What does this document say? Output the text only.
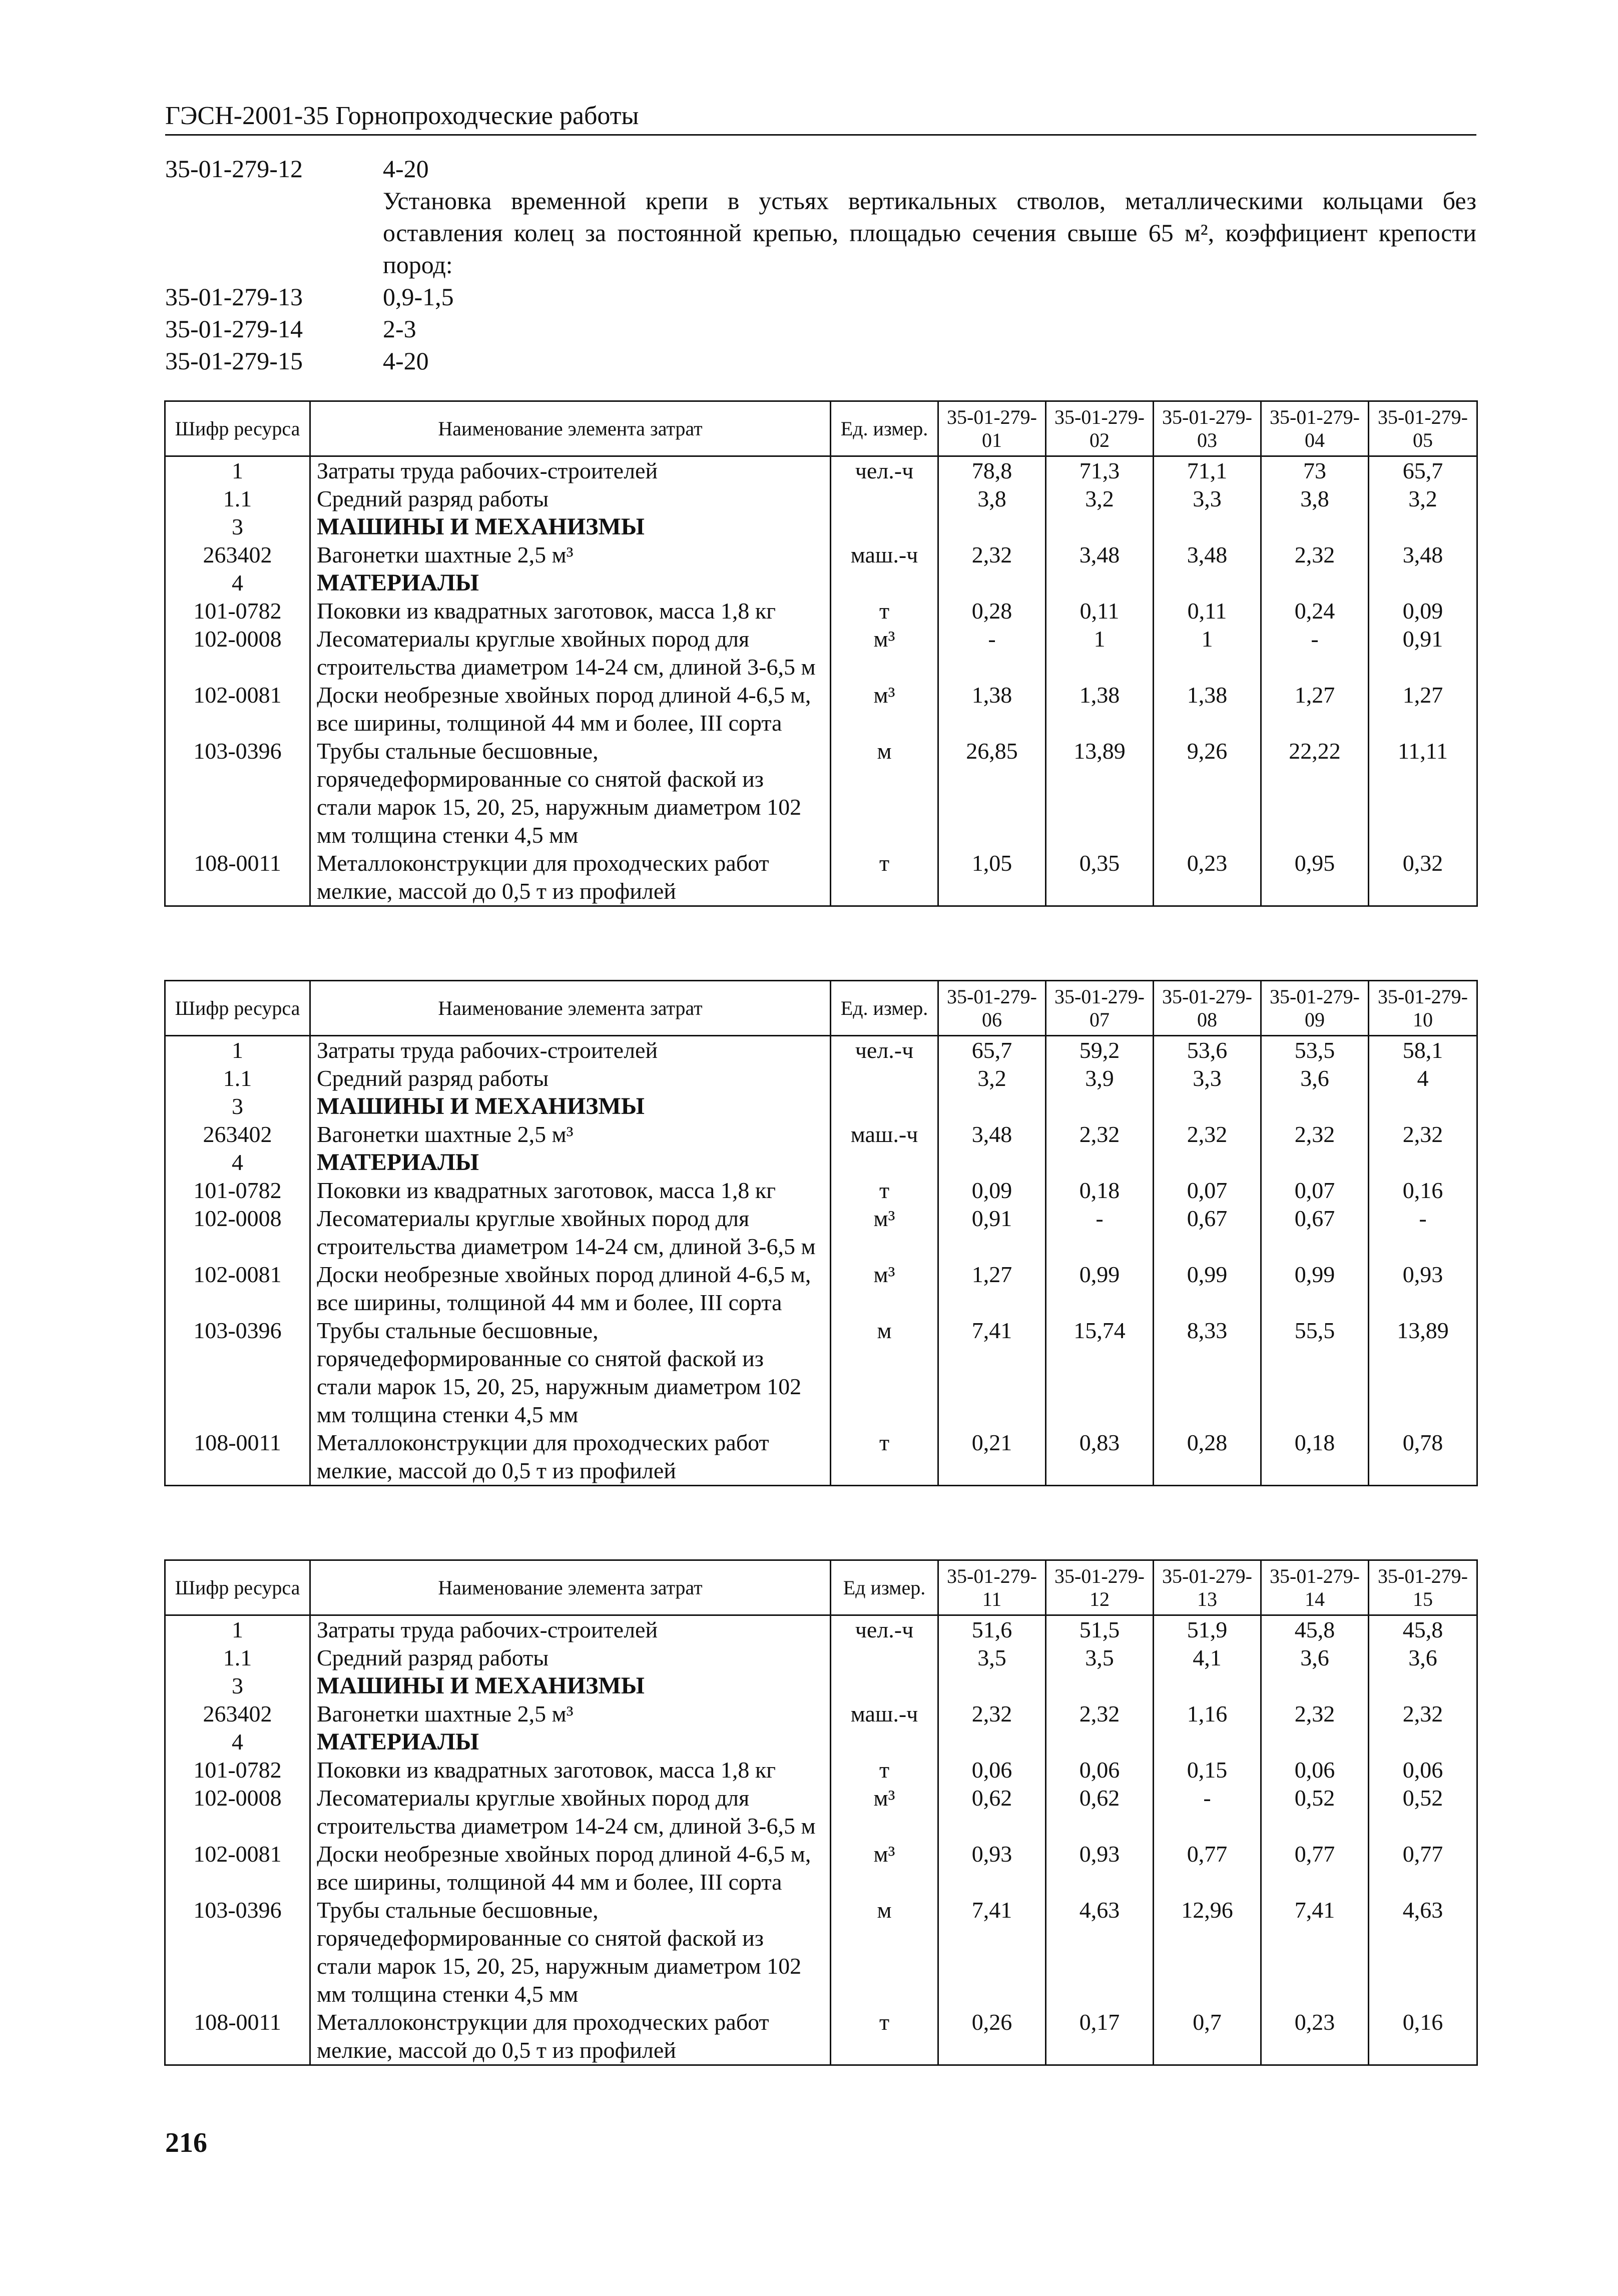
ГЭСН-2001-35 Горнопроходческие работы
35-01-279-12	4-20
Установка временной крепи в устьях вертикальных стволов, металлическими кольцами без оставления колец за постоянной крепью, площадью сечения свыше 65 м², коэффициент крепости пород:
35-01-279-13	0,9-1,5
35-01-279-14	2-3
35-01-279-15	4-20
Шифр ресурса	Наименование элемента затрат	Ед. измер.	35-01-279-01	35-01-279-02	35-01-279-03	35-01-279-04	35-01-279-05
1	Затраты труда рабочих-строителей	чел.-ч	78,8	71,3	71,1	73	65,7
1.1	Средний разряд работы		3,8	3,2	3,3	3,8	3,2
3	МАШИНЫ И МЕХАНИЗМЫ						
263402	Вагонетки шахтные 2,5 м³	маш.-ч	2,32	3,48	3,48	2,32	3,48
4	МАТЕРИАЛЫ						
101-0782	Поковки из квадратных заготовок, масса 1,8 кг	т	0,28	0,11	0,11	0,24	0,09
102-0008	Лесоматериалы круглые хвойных пород для строительства диаметром 14-24 см, длиной 3-6,5 м	м³	-	1	1	-	0,91
102-0081	Доски необрезные хвойных пород длиной 4-6,5 м, все ширины, толщиной 44 мм и более, III сорта	м³	1,38	1,38	1,38	1,27	1,27
103-0396	Трубы стальные бесшовные, горячедеформированные со снятой фаской из стали марок 15, 20, 25, наружным диаметром 102 мм толщина стенки 4,5 мм	м	26,85	13,89	9,26	22,22	11,11
108-0011	Металлоконструкции для проходческих работ мелкие, массой до 0,5 т из профилей	т	1,05	0,35	0,23	0,95	0,32
Шифр ресурса	Наименование элемента затрат	Ед. измер.	35-01-279-06	35-01-279-07	35-01-279-08	35-01-279-09	35-01-279-10
1	Затраты труда рабочих-строителей	чел.-ч	65,7	59,2	53,6	53,5	58,1
1.1	Средний разряд работы		3,2	3,9	3,3	3,6	4
3	МАШИНЫ И МЕХАНИЗМЫ						
263402	Вагонетки шахтные 2,5 м³	маш.-ч	3,48	2,32	2,32	2,32	2,32
4	МАТЕРИАЛЫ						
101-0782	Поковки из квадратных заготовок, масса 1,8 кг	т	0,09	0,18	0,07	0,07	0,16
102-0008	Лесоматериалы круглые хвойных пород для строительства диаметром 14-24 см, длиной 3-6,5 м	м³	0,91	-	0,67	0,67	-
102-0081	Доски необрезные хвойных пород длиной 4-6,5 м, все ширины, толщиной 44 мм и более, III сорта	м³	1,27	0,99	0,99	0,99	0,93
103-0396	Трубы стальные бесшовные, горячедеформированные со снятой фаской из стали марок 15, 20, 25, наружным диаметром 102 мм толщина стенки 4,5 мм	м	7,41	15,74	8,33	55,5	13,89
108-0011	Металлоконструкции для проходческих работ мелкие, массой до 0,5 т из профилей	т	0,21	0,83	0,28	0,18	0,78
Шифр ресурса	Наименование элемента затрат	Ед измер.	35-01-279-11	35-01-279-12	35-01-279-13	35-01-279-14	35-01-279-15
1	Затраты труда рабочих-строителей	чел.-ч	51,6	51,5	51,9	45,8	45,8
1.1	Средний разряд работы		3,5	3,5	4,1	3,6	3,6
3	МАШИНЫ И МЕХАНИЗМЫ						
263402	Вагонетки шахтные 2,5 м³	маш.-ч	2,32	2,32	1,16	2,32	2,32
4	МАТЕРИАЛЫ						
101-0782	Поковки из квадратных заготовок, масса 1,8 кг	т	0,06	0,06	0,15	0,06	0,06
102-0008	Лесоматериалы круглые хвойных пород для строительства диаметром 14-24 см, длиной 3-6,5 м	м³	0,62	0,62	-	0,52	0,52
102-0081	Доски необрезные хвойных пород длиной 4-6,5 м, все ширины, толщиной 44 мм и более, III сорта	м³	0,93	0,93	0,77	0,77	0,77
103-0396	Трубы стальные бесшовные, горячедеформированные со снятой фаской из стали марок 15, 20, 25, наружным диаметром 102 мм толщина стенки 4,5 мм	м	7,41	4,63	12,96	7,41	4,63
108-0011	Металлоконструкции для проходческих работ мелкие, массой до 0,5 т из профилей	т	0,26	0,17	0,7	0,23	0,16
216
